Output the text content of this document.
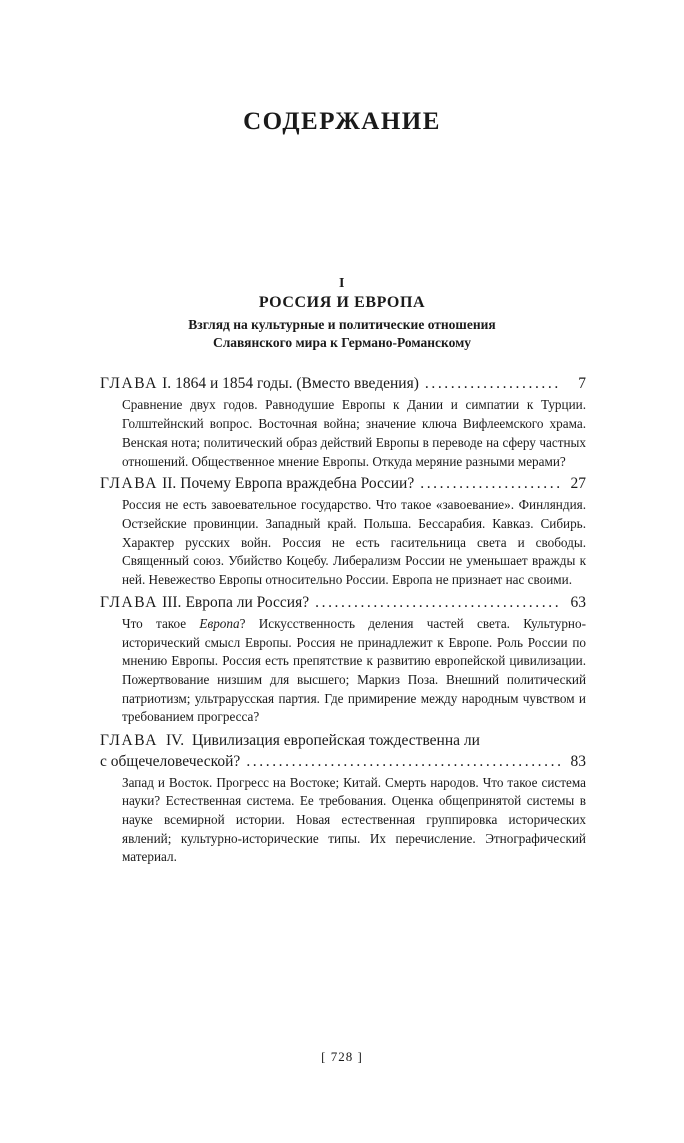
СОДЕРЖАНИЕ
I
РОССИЯ И ЕВРОПА
Взгляд на культурные и политические отношения
Славянского мира к Германо-Романскому
ГЛАВА I. 1864 и 1854 годы. (Вместо введения) .....	7
Сравнение двух годов. Равнодушие Европы к Дании и симпатии к Турции. Голштейнский вопрос. Восточная война; значение ключа Вифлеемского храма. Венская нота; политический образ действий Европы в переводе на сферу частных отношений. Общественное мнение Европы. Откуда меряние разными мерами?
ГЛАВА II. Почему Европа враждебна России? .....	27
Россия не есть завоевательное государство. Что такое «завоевание». Финляндия. Остзейские провинции. Западный край. Польша. Бессарабия. Кавказ. Сибирь. Характер русских войн. Россия не есть гасительница света и свободы. Священный союз. Убийство Коцебу. Либерализм России не уменьшает вражды к ней. Невежество Европы относительно России. Европа не признает нас своими.
ГЛАВА III. Европа ли Россия? .....	63
Что такое Европа? Искусственность деления частей света. Культурно-исторический смысл Европы. Россия не принадлежит к Европе. Роль России по мнению Европы. Россия есть препятствие к развитию европейской цивилизации. Пожертвование низшим для высшего; Маркиз Поза. Внешний политический патриотизм; ультрарусская партия. Где примирение между народным чувством и требованием прогресса?
ГЛАВА IV. Цивилизация европейская тождественна ли
с общечеловеческой? .....	83
Запад и Восток. Прогресс на Востоке; Китай. Смерть народов. Что такое система науки? Естественная система. Ее требования. Оценка общепринятой системы в науке всемирной истории. Новая естественная группировка исторических явлений; культурно-исторические типы. Их перечисление. Этнографический материал.
[ 728 ]
